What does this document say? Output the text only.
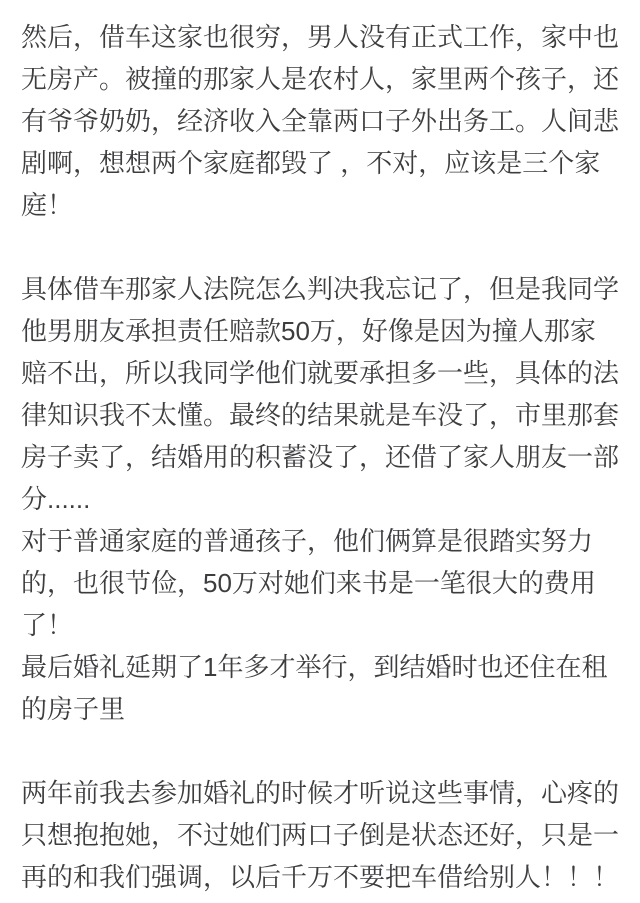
然后，借车这家也很穷，男人没有正式工作，家中也
无房产。被撞的那家人是农村人，家里两个孩子，还
有爷爷奶奶，经济收入全靠两口子外出务工。人间悲
剧啊，想想两个家庭都毁了 ，不对，应该是三个家
庭！
具体借车那家人法院怎么判决我忘记了，但是我同学
他男朋友承担责任赔款50万，好像是因为撞人那家
赔不出，所以我同学他们就要承担多一些，具体的法
律知识我不太懂。最终的结果就是车没了，市里那套
房子卖了，结婚用的积蓄没了，还借了家人朋友一部
分......
对于普通家庭的普通孩子，他们俩算是很踏实努力
的，也很节俭，50万对她们来书是一笔很大的费用
了！
最后婚礼延期了1年多才举行，到结婚时也还住在租
的房子里
两年前我去参加婚礼的时候才听说这些事情，心疼的
只想抱抱她，不过她们两口子倒是状态还好，只是一
再的和我们强调，以后千万不要把车借给别人！！！
